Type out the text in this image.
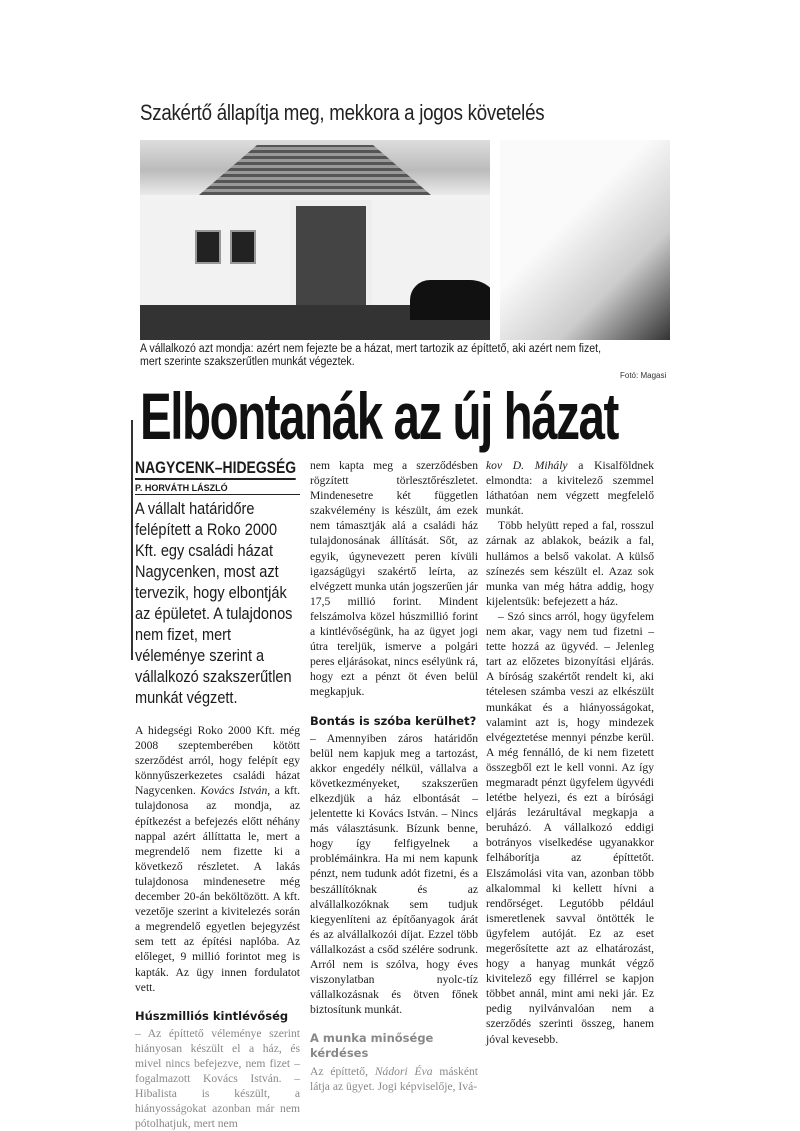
Szakértő állapítja meg, mekkora a jogos követelés
A vállalkozó azt mondja: azért nem fejezte be a házat, mert tartozik az építtető, aki azért nem fizet, mert szerinte szakszerűtlen munkát végeztek.
Fotó: Magasi
Elbontanák az új házat
NAGYCENK–HIDEGSÉG
P. HORVÁTH LÁSZLÓ

A vállalt határidőre felépített a Roko 2000 Kft. egy családi házat Nagycenken, most azt tervezik, hogy elbontják az épületet. A tulajdonos nem fizet, mert véleménye szerint a vállalkozó szakszerűtlen munkát végzett.

A hidegségi Roko 2000 Kft. még 2008 szeptemberében kötött szerződést arról, hogy felépít egy könnyűszerkezetes családi házat Nagycenken. Kovács István, a kft. tulajdonosa az mondja, az építkezést a befejezés előtt néhány nappal azért állíttatta le, mert a megrendelő nem fizette ki a következő részletet. A lakás tulajdonosa mindenesetre még december 20-án beköltözött. A kft. vezetője szerint a kivitelezés során a megrendelő egyetlen bejegyzést sem tett az építési naplóba. Az előleget, 9 millió forintot meg is kapták. Az ügy innen fordulatot vett.

Húszmilliós kintlévőség

– Az építtető véleménye szerint hiányosan készült el a ház, és mivel nincs befejezve, nem fizet – fogalmazott Kovács István. – Hibalista is készült, a hiányosságokat azonban már nem pótolhatjuk, mert nem

nem kapta meg a szerződésben rögzített törlesztőrészletet. Mindenesetre két független szakvélemény is készült, ám ezek nem támasztják alá a családi ház tulajdonosának állítását. Sőt, az egyik, úgynevezett peren kívüli igazságügyi szakértő leírta, az elvégzett munka után jogszerűen jár 17,5 millió forint. Mindent felszámolva közel húszmillió forint a kintlévőségünk, ha az ügyet jogi útra tereljük, ismerve a polgári peres eljárásokat, nincs esélyünk rá, hogy ezt a pénzt öt éven belül megkapjuk.

Bontás is szóba kerülhet?

– Amennyiben záros határidőn belül nem kapjuk meg a tartozást, akkor engedély nélkül, vállalva a következményeket, szakszerűen elkezdjük a ház elbontását – jelentette ki Kovács István. – Nincs más választásunk. Bízunk benne, hogy így felfigyelnek a problémáinkra. Ha mi nem kapunk pénzt, nem tudunk adót fizetni, és a beszállítóknak és az alvállalkozóknak sem tudjuk kiegyenlíteni az építőanyagok árát és az alvállalkozói díjat. Ezzel több vállalkozást a csőd szélére sodrunk. Arról nem is szólva, hogy éves viszonylatban nyolc-tíz vállalkozásnak és ötven főnek biztosítunk munkát.

A munka minősége kérdéses

Az építtető, Nádori Éva másként látja az ügyet. Jogi képviselője, Ivá-

kov D. Mihály a Kisalföldnek elmondta: a kivitelező szemmel láthatóan nem végzett megfelelő munkát.

Több helyütt reped a fal, rosszul zárnak az ablakok, beázik a fal, hullámos a belső vakolat. A külső színezés sem készült el. Azaz sok munka van még hátra addig, hogy kijelentsük: befejezett a ház.

– Szó sincs arról, hogy ügyfelem nem akar, vagy nem tud fizetni – tette hozzá az ügyvéd. – Jelenleg tart az előzetes bizonyítási eljárás. A bíróság szakértőt rendelt ki, aki tételesen számba veszi az elkészült munkákat és a hiányosságokat, valamint azt is, hogy mindezek elvégeztetése mennyi pénzbe kerül. A még fennálló, de ki nem fizetett összegből ezt le kell vonni. Az így megmaradt pénzt ügyfelem ügyvédi letétbe helyezi, és ezt a bírósági eljárás lezárultával megkapja a beruházó. A vállalkozó eddigi botrányos viselkedése ugyanakkor felháborítja az építtetőt. Elszámolási vita van, azonban több alkalommal ki kellett hívni a rendőrséget. Legutóbb például ismeretlenek savval öntötték le ügyfelem autóját. Ez az eset megerősítette azt az elhatározást, hogy a hanyag munkát végző kivitelező egy fillérrel se kapjon többet annál, mint ami neki jár. Ez pedig nyilvánvalóan nem a szerződés szerinti összeg, hanem jóval kevesebb.
